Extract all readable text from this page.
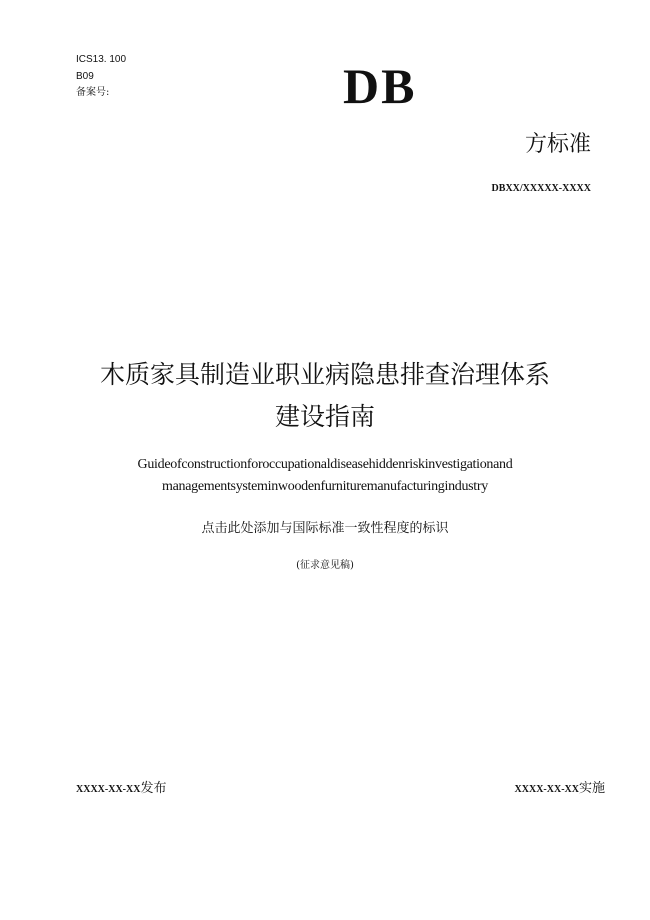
ICS13. 100
B09
备案号:	DB
方标准
DBXX/XXXXX-XXXX
木质家具制造业职业病隐患排查治理体系
建设指南
Guideofconstructionforoccupationaldiseasehiddenriskinvestigationand
managementsysteminwoodenfurnituremanufacturingindustry
点击此处添加与国际标准一致性程度的标识
(征求意见稿)
XXXX-XX-XX发布	XXXX-XX-XX实施
